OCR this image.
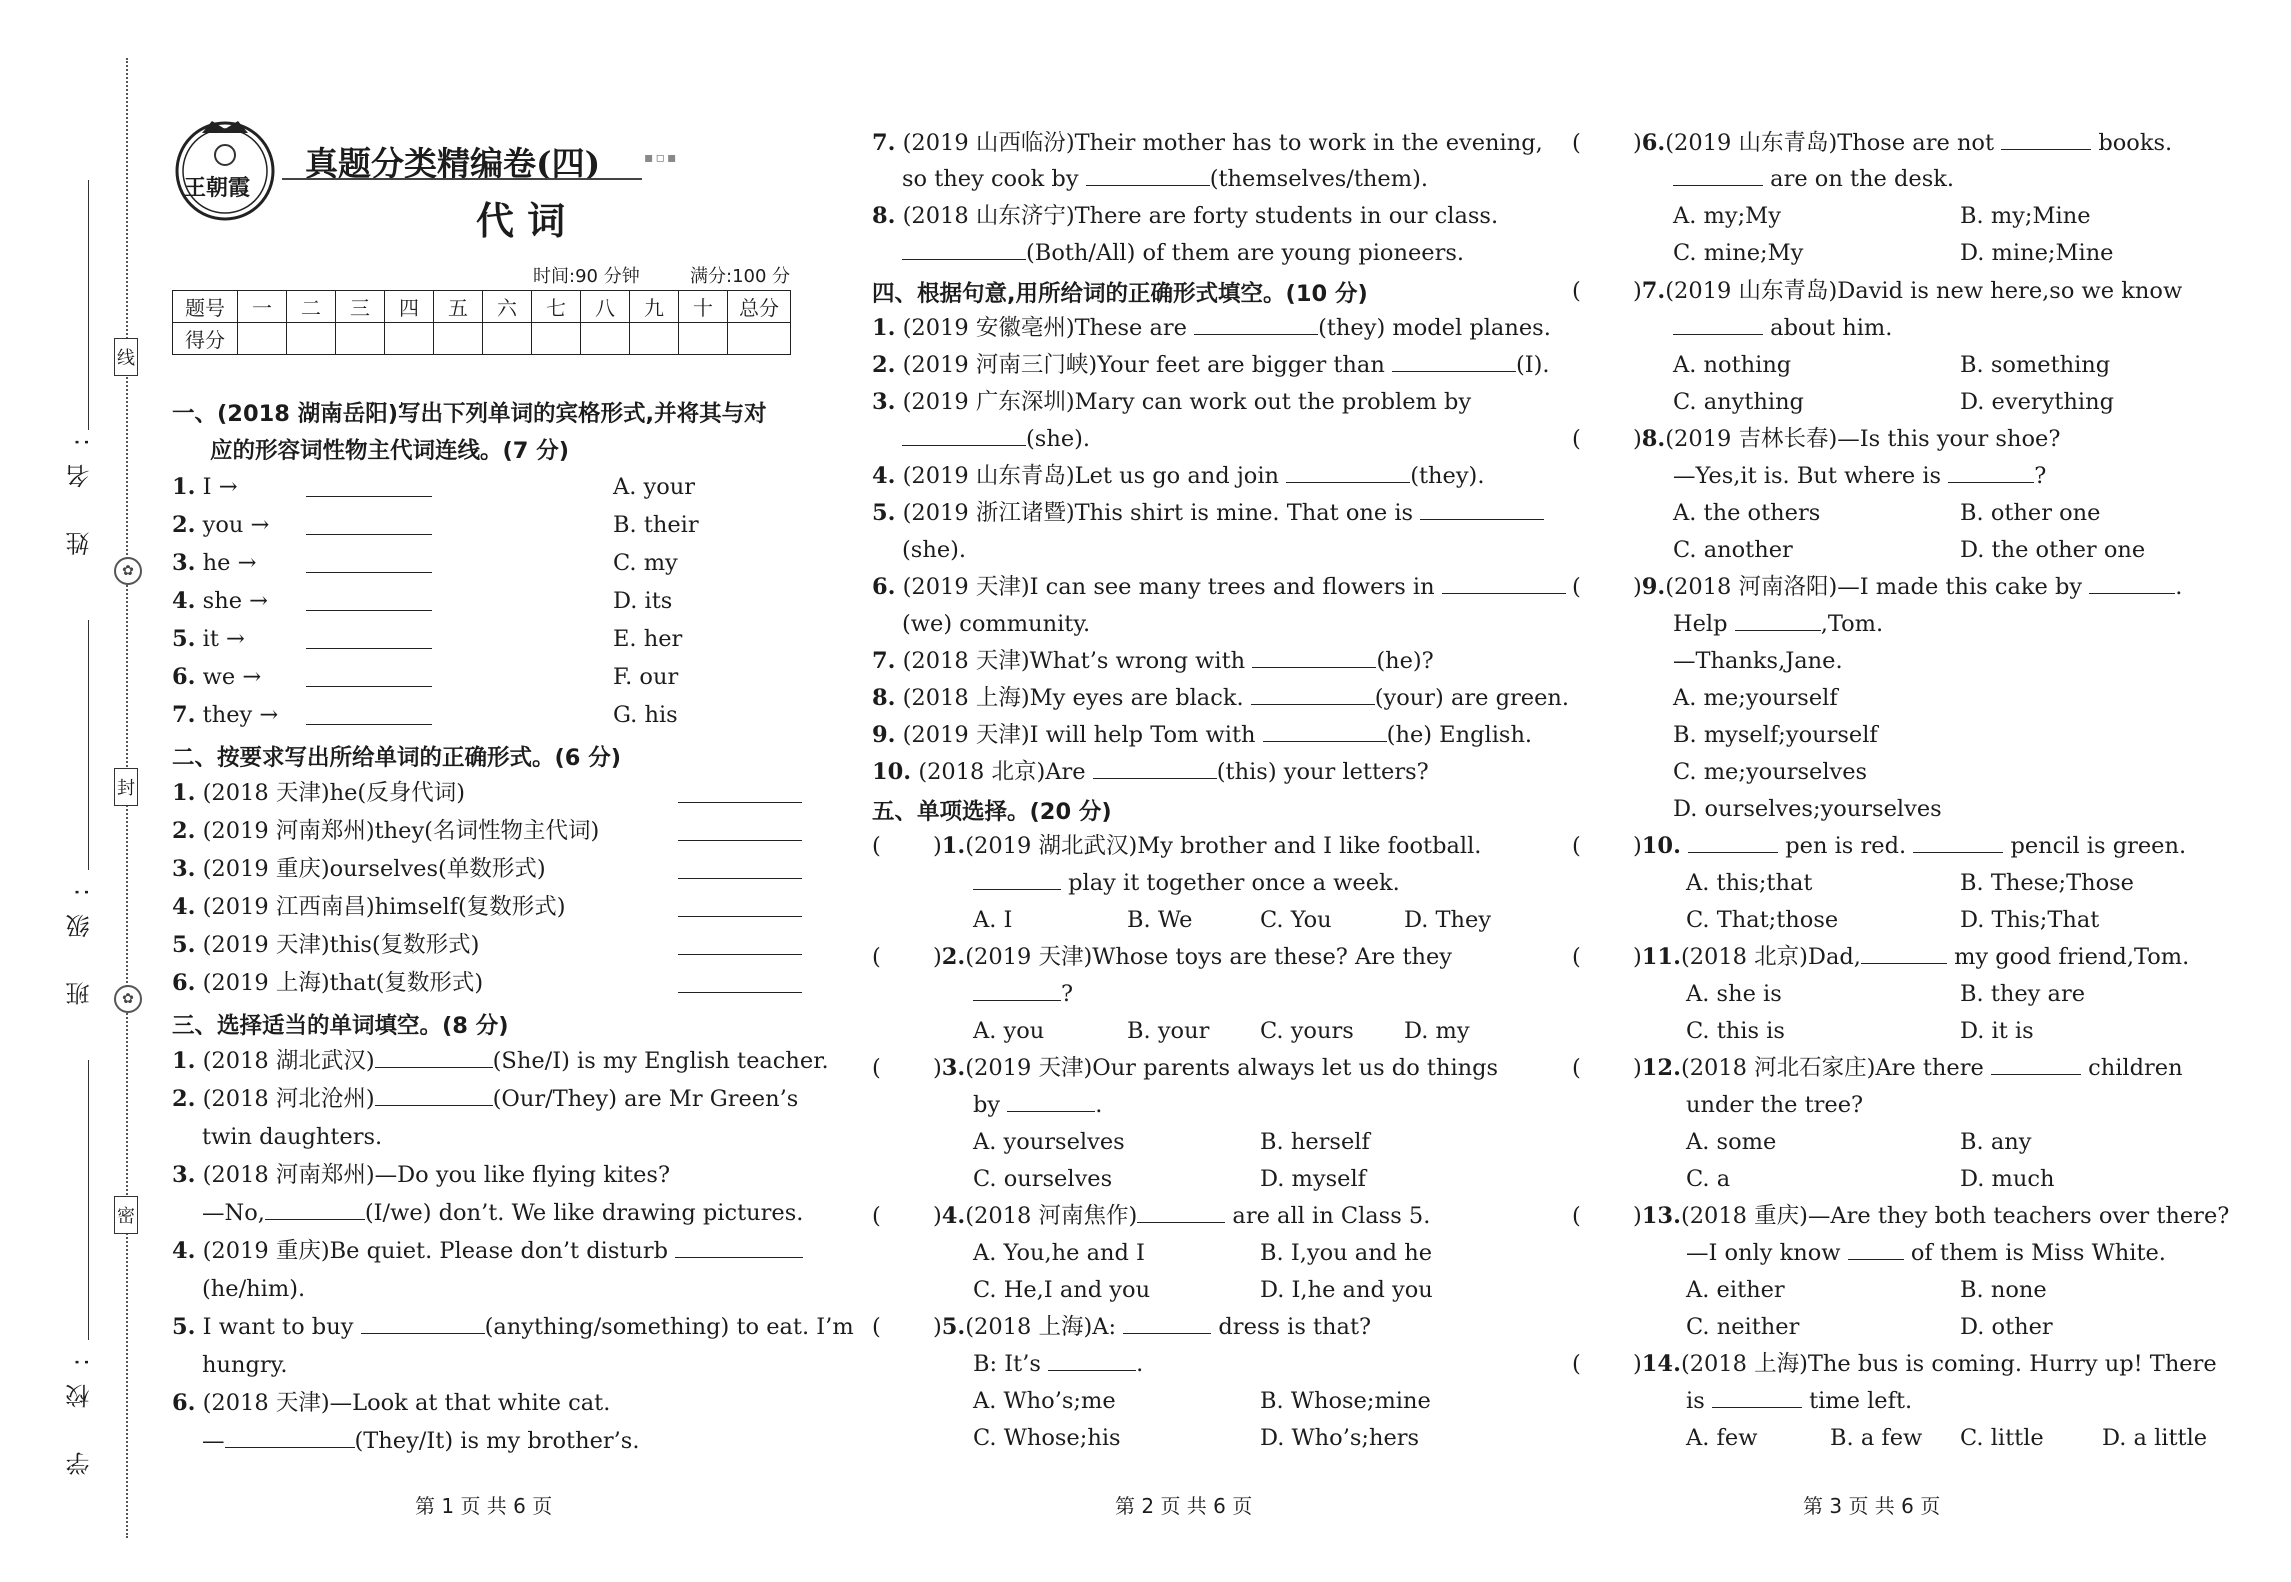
姓 名:
班 级:
学 校:
线
封
密
✿
✿
王朝霞
真题分类精编卷(四)	▪▫▪
代 词
时间:90 分钟	满分:100 分
题号	一	二	三	四	五	六	七	八	九	十	总分
得分											
一、(2018 湖南岳阳)写出下列单词的宾格形式,并将其与对
应的形容词性物主代词连线。(7 分)
1. I →	A. your
2. you →	B. their
3. he →	C. my
4. she →	D. its
5. it →	E. her
6. we →	F. our
7. they →	G. his
二、按要求写出所给单词的正确形式。(6 分)
1. (2018 天津)he(反身代词)
2. (2019 河南郑州)they(名词性物主代词)
3. (2019 重庆)ourselves(单数形式)
4. (2019 江西南昌)himself(复数形式)
5. (2019 天津)this(复数形式)
6. (2019 上海)that(复数形式)
三、选择适当的单词填空。(8 分)
1. (2018 湖北武汉)	(She/I) is my English teacher.
2. (2018 河北沧州)	(Our/They) are Mr Green’s
twin daughters.
3. (2018 河南郑州)—Do you like flying kites?
—No,	(I/we) don’t. We like drawing pictures.
4. (2019 重庆)Be quiet. Please don’t disturb
(he/him).
5. I want to buy	(anything/something) to eat. I’m
hungry.
6. (2018 天津)—Look at that white cat.
—	(They/It) is my brother’s.
第 1 页 共 6 页
7. (2019 山西临汾)Their mother has to work in the evening,
so they cook by	(themselves/them).
8. (2018 山东济宁)There are forty students in our class.
(Both/All) of them are young pioneers.
四、根据句意,用所给词的正确形式填空。(10 分)
1. (2019 安徽亳州)These are	(they) model planes.
2. (2019 河南三门峡)Your feet are bigger than	(I).
3. (2019 广东深圳)Mary can work out the problem by
(she).
4. (2019 山东青岛)Let us go and join	(they).
5. (2019 浙江诸暨)This shirt is mine. That one is
(she).
6. (2019 天津)I can see many trees and flowers in
(we) community.
7. (2018 天津)What’s wrong with	(he)?
8. (2018 上海)My eyes are black.	(your) are green.
9. (2019 天津)I will help Tom with	(he) English.
10. (2018 北京)Are	(this) your letters?
五、单项选择。(20 分)
( )1.(2019 湖北武汉)My brother and I like football.
play it together once a week.
A. I	B. We	C. You	D. They
( )2.(2019 天津)Whose toys are these? Are they
?
A. you	B. your C. yours D. my
( )3.(2019 天津)Our parents always let us do things
by	.
A. yourselves	B. herself
C. ourselves	D. myself
( )4.(2018 河南焦作)	are all in Class 5.
A. You,he and I	B. I,you and he
C. He,I and you	D. I,he and you
( )5.(2018 上海)A:	dress is that?
B: It’s	.
A. Who’s;me	B. Whose;mine
C. Whose;his	D. Who’s;hers
第 2 页 共 6 页
( )6.(2019 山东青岛)Those are not	books.
are on the desk.
A. my;My	B. my;Mine
C. mine;My	D. mine;Mine
( )7.(2019 山东青岛)David is new here,so we know
about him.
A. nothing	B. something
C. anything	D. everything
( )8.(2019 吉林长春)—Is this your shoe?
—Yes,it is. But where is	?
A. the others	B. other one
C. another	D. the other one
( )9.(2018 河南洛阳)—I made this cake by	.
Help	,Tom.
—Thanks,Jane.
A. me;yourself
B. myself;yourself
C. me;yourselves
D. ourselves;yourselves
( )10.	pen is red.	pencil is green.
A. this;that	B. These;Those
C. That;those	D. This;That
( )11.(2018 北京)Dad,	my good friend,Tom.
A. she is	B. they are
C. this is	D. it is
( )12.(2018 河北石家庄)Are there	children
under the tree?
A. some	B. any
C. a	D. much
( )13.(2018 重庆)—Are they both teachers over there?
—I only know	of them is Miss White.
A. either	B. none
C. neither	D. other
( )14.(2018 上海)The bus is coming. Hurry up! There
is	time left.
A. few	B. a few C. little	D. a little
第 3 页 共 6 页
